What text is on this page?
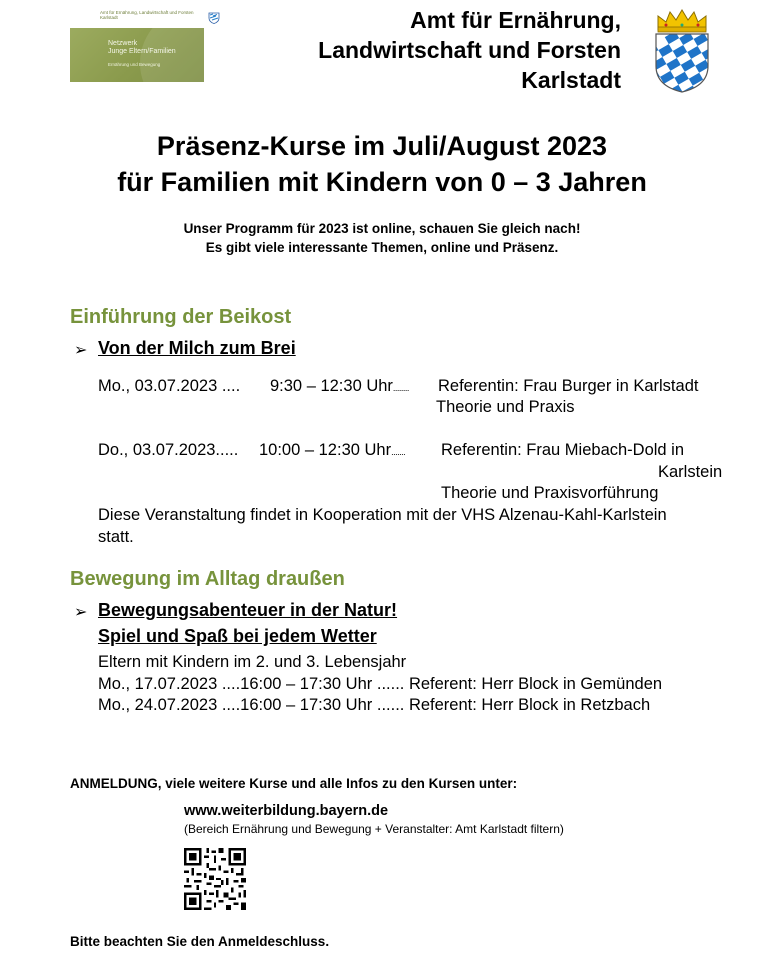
Amt für Ernährung, Landwirtschaft und Forsten Karlstadt
Netzwerk
Junge Eltern/Familien
Ernährung und Bewegung
Amt für Ernährung,
Landwirtschaft und Forsten
Karlstadt
Präsenz-Kurse im Juli/August 2023
für Familien mit Kindern von 0 – 3 Jahren
Unser Programm für 2023 ist online, schauen Sie gleich nach!
Es gibt viele interessante Themen, online und Präsenz.
Einführung der Beikost
➢ Von der Milch zum Brei
Mo., 03.07.2023 .... 9:30 – 12:30 Uhr........ Referentin: Frau Burger in Karlstadt
Theorie und Praxis
Do., 03.07.2023..... 10:00 – 12:30 Uhr....... Referentin: Frau Miebach-Dold in
Karlstein
Theorie und Praxisvorführung
Diese Veranstaltung findet in Kooperation mit der VHS Alzenau-Kahl-Karlstein
statt.
Bewegung im Alltag draußen
➢ Bewegungsabenteuer in der Natur!
Spiel und Spaß bei jedem Wetter
Eltern mit Kindern im 2. und 3. Lebensjahr
Mo., 17.07.2023 ....16:00 – 17:30 Uhr ...... Referent: Herr Block in Gemünden
Mo., 24.07.2023 ....16:00 – 17:30 Uhr ...... Referent: Herr Block in Retzbach
ANMELDUNG, viele weitere Kurse und alle Infos zu den Kursen unter:
www.weiterbildung.bayern.de
(Bereich Ernährung und Bewegung + Veranstalter: Amt Karlstadt filtern)
Bitte beachten Sie den Anmeldeschluss.
